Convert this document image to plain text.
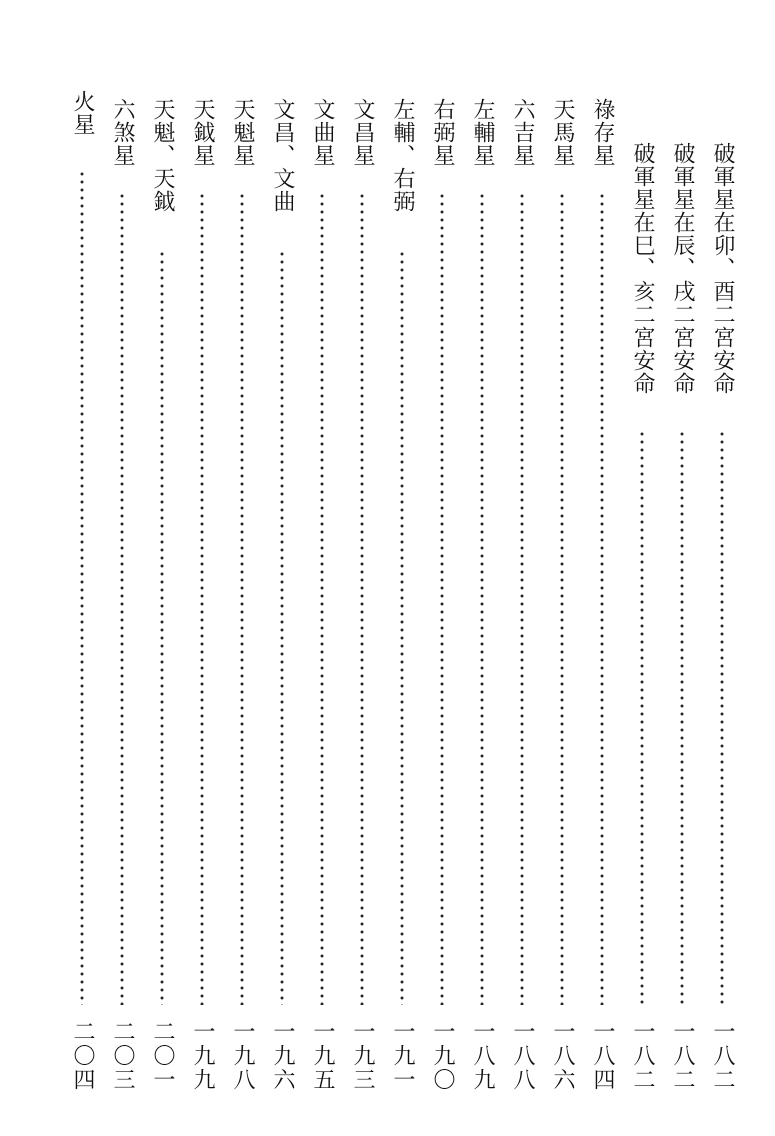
破軍星在卯、酉二宮安命
一八二
破軍星在辰、戌二宮安命
一八二
破軍星在巳、亥二宮安命
一八二
祿存星
一八四
天馬星
一八六
六吉星
一八八
左輔星
一八九
右弼星
一九〇
左輔、右弼
一九一
文昌星
一九三
文曲星
一九五
文昌、文曲
一九六
天魁星
一九八
天鉞星
一九九
天魁、天鉞
二〇一
六煞星
二〇三
火星
二〇四
